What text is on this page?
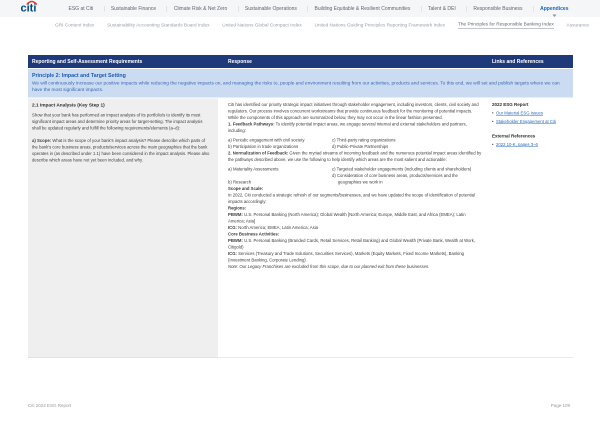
citi	ESG at Citi	Sustainable Finance	Climate Risk & Net Zero	Sustainable Operations	Building Equitable & Resilient Communities	Talent & DEI	Responsible Business	Appendices
GRI Content Index Sustainability Accounting Standards Board Index United Nations Global Compact Index United Nations Guiding Principles Reporting Framework Index The Principles for Responsible Banking Index Assurance
Reporting and Self-Assessment Requirements	Response	Links and References
Principle 2: Impact and Target Setting

We will continuously increase our positive impacts while reducing the negative impacts on, and managing the risks to, people and environment resulting from our activities, products and services. To this end, we will set and publish targets where we can have the most significant impacts.

2.1 Impact Analysis (Key Step 1)

Show that your bank has performed an impact analysis of its portfolio/s to identify its most significant impact areas and determine priority areas for target-setting. The impact analysis shall be updated regularly and fulfill the following requirements/elements (a–d):

a) Scope: What is the scope of your bank's impact analysis? Please describe which parts of the bank's core business areas, products/services across the main geographies that the bank operates in (as described under 1.1) have been considered in the impact analysis. Please also describe which areas have not yet been included, and why.

Citi has identified our priority strategic impact initiatives through stakeholder engagement, including investors, clients, civil society and regulators. Our process involves concurrent workstreams that provide continuous feedback for the monitoring of potential impacts. While the components of this approach are summarized below, they may not occur in the linear fashion presented.

1. Feedback Pathways: To identify potential impact areas, we engage several internal and external stakeholders and partners, including:

a) Periodic engagement with civil society
b) Participation in trade organizations
c) Third-party rating organizations
d) Public-Private Partnerships

2. Normalization of Feedback: Given the myriad streams of incoming feedback and the numerous potential impact areas identified by the pathways described above, we use the following to help identify which areas are the most salient and actionable:

a) Materiality Assessments
b) Research
c) Targeted stakeholder engagements (including clients and shareholders)
d) Consideration of core business areas, products/services and the geographies we work in

Scope and Scale:

In 2022, Citi conducted a strategic refresh of our segments/businesses, and we have updated the scope of identification of potential impacts accordingly:

Regions:

PBWM: U.S. Personal Banking (North America); Global Wealth [North America; Europe, Middle East, and Africa (EMEA); Latin America; Asia]

ICG: North America; EMEA; Latin America; Asia

Core Business Activities:

PBWM: U.S. Personal Banking (Branded Cards, Retail Services, Retail Banking) and Global Wealth (Private Bank, Wealth at Work, Citigold)

ICG: Services (Treasury and Trade Solutions, Securities Services), Markets (Equity Markets, Fixed Income Markets), Banking (Investment Banking, Corporate Lending)

Note: Our Legacy Franchises are excluded from this scope, due to our planned exit from these businesses.

2022 ESG Report
• Our Material ESG Issues
• Stakeholder Engagement at Citi
External References
• 2022 10-K, pages 3–6
Citi 2022 ESG Report	Page 109
